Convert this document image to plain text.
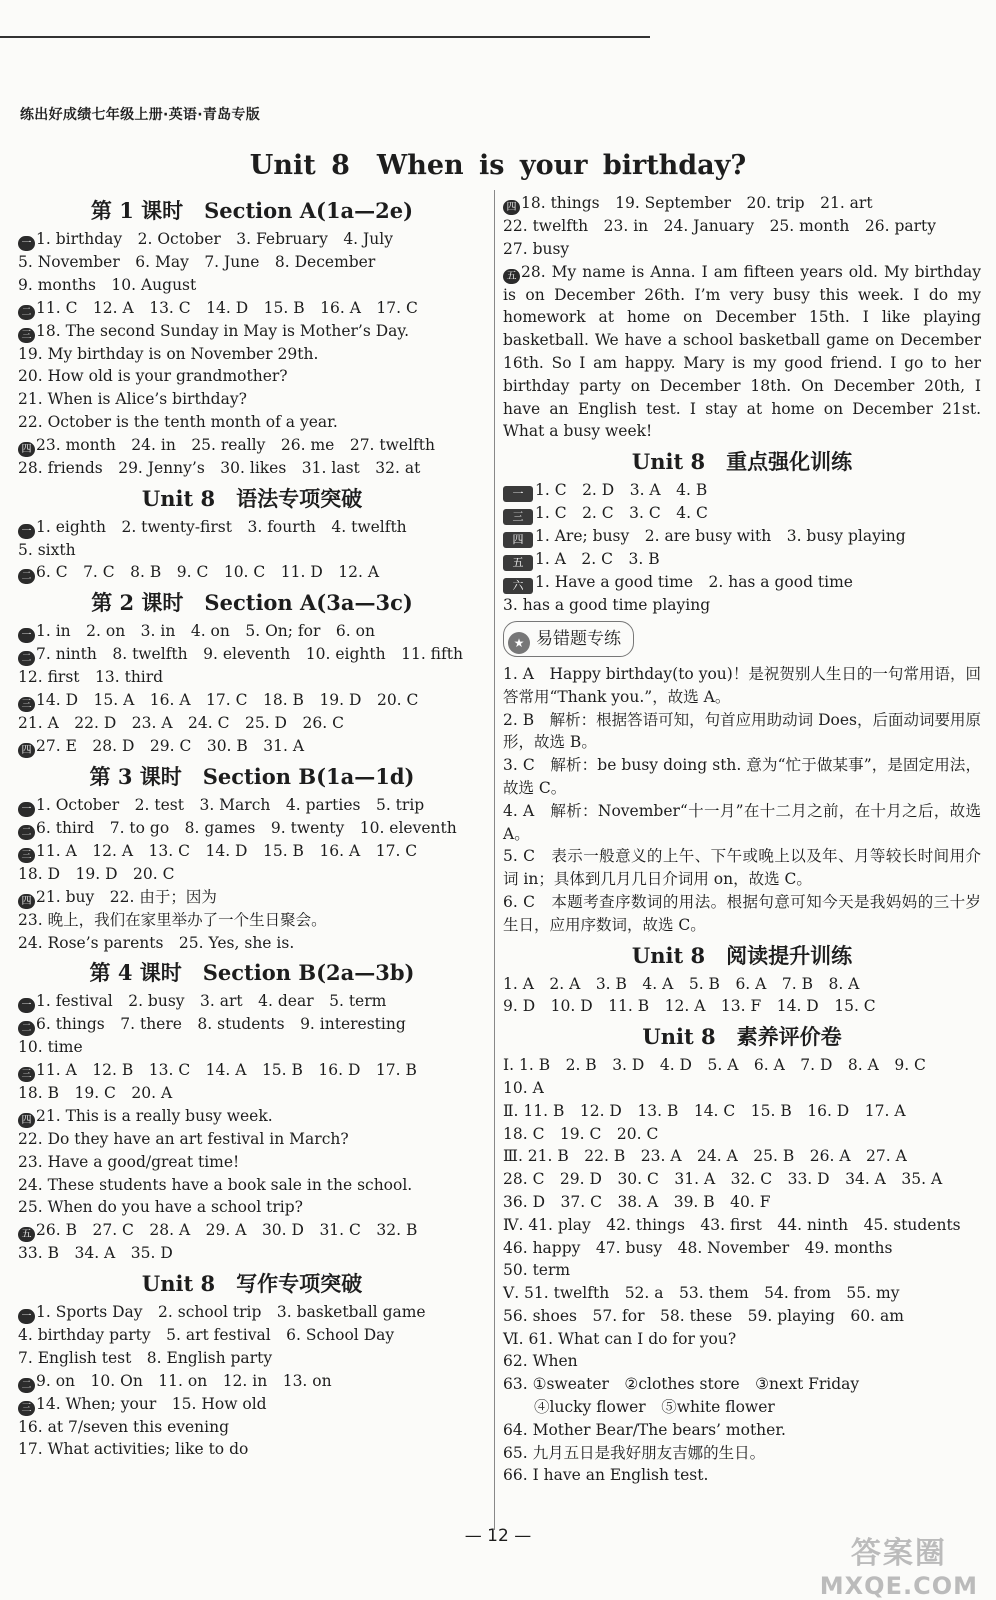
练出好成绩七年级上册·英语·青岛专版
Unit 8　When is your birthday?
第 1 课时　Section A(1a—2e)
一 1. birthday　2. October　3. February　4. July
5. November　6. May　7. June　8. December
9. months　10. August
二 11. C　12. A　13. C　14. D　15. B　16. A　17. C
三 18. The second Sunday in May is Mother’s Day.
19. My birthday is on November 29th.
20. How old is your grandmother?
21. When is Alice’s birthday?
22. October is the tenth month of a year.
四 23. month　24. in　25. really　26. me　27. twelfth
28. friends　29. Jenny’s　30. likes　31. last　32. at
Unit 8　语法专项突破
一 1. eighth　2. twenty-first　3. fourth　4. twelfth
5. sixth
二 6. C　7. C　8. B　9. C　10. C　11. D　12. A
第 2 课时　Section A(3a—3c)
一 1. in　2. on　3. in　4. on　5. On; for　6. on
二 7. ninth　8. twelfth　9. eleventh　10. eighth　11. fifth
12. first　13. third
三 14. D　15. A　16. A　17. C　18. B　19. D　20. C
21. A　22. D　23. A　24. C　25. D　26. C
四 27. E　28. D　29. C　30. B　31. A
第 3 课时　Section B(1a—1d)
一 1. October　2. test　3. March　4. parties　5. trip
二 6. third　7. to go　8. games　9. twenty　10. eleventh
三 11. A　12. A　13. C　14. D　15. B　16. A　17. C
18. D　19. D　20. C
四 21. buy　22. 由于；因为
23. 晚上，我们在家里举办了一个生日聚会。
24. Rose’s parents　25. Yes, she is.
第 4 课时　Section B(2a—3b)
一 1. festival　2. busy　3. art　4. dear　5. term
二 6. things　7. there　8. students　9. interesting
10. time
三 11. A　12. B　13. C　14. A　15. B　16. D　17. B
18. B　19. C　20. A
四 21. This is a really busy week.
22. Do they have an art festival in March?
23. Have a good/great time!
24. These students have a book sale in the school.
25. When do you have a school trip?
五 26. B　27. C　28. A　29. A　30. D　31. C　32. B
33. B　34. A　35. D
Unit 8　写作专项突破
一 1. Sports Day　2. school trip　3. basketball game
4. birthday party　5. art festival　6. School Day
7. English test　8. English party
二 9. on　10. On　11. on　12. in　13. on
三 14. When; your　15. How old
16. at 7/seven this evening
17. What activities; like to do
四 18. things　19. September　20. trip　21. art
22. twelfth　23. in　24. January　25. month　26. party
27. busy
五 28. My name is Anna. I am fifteen years old. My birthday is on December 26th. I’m very busy this week. I do my homework at home on December 15th. I like playing basketball. We have a school basketball game on December 16th. So I am happy. Mary is my good friend. I go to her birthday party on December 18th. On December 20th, I have an English test. I stay at home on December 21st. What a busy week!
Unit 8　重点强化训练
一 1. C　2. D　3. A　4. B
三 1. C　2. C　3. C　4. C
四 1. Are; busy　2. are busy with　3. busy playing
五 1. A　2. C　3. B
六 1. Have a good time　2. has a good time
3. has a good time playing
★ 易错题专练
1. A　Happy birthday(to you)！是祝贺别人生日的一句常用语，回答常用“Thank you.”，故选 A。
2. B　解析：根据答语可知，句首应用助动词 Does，后面动词要用原形，故选 B。
3. C　解析：be busy doing sth. 意为“忙于做某事”，是固定用法，故选 C。
4. A　解析：November“十一月”在十二月之前，在十月之后，故选 A。
5. C　表示一般意义的上午、下午或晚上以及年、月等较长时间用介词 in；具体到几月几日介词用 on，故选 C。
6. C　本题考查序数词的用法。根据句意可知今天是我妈妈的三十岁生日，应用序数词，故选 C。
Unit 8　阅读提升训练
1. A　2. A　3. B　4. A　5. B　6. A　7. B　8. A
9. D　10. D　11. B　12. A　13. F　14. D　15. C
Unit 8　素养评价卷
Ⅰ. 1. B　2. B　3. D　4. D　5. A　6. A　7. D　8. A　9. C
10. A
Ⅱ. 11. B　12. D　13. B　14. C　15. B　16. D　17. A
18. C　19. C　20. C
Ⅲ. 21. B　22. B　23. A　24. A　25. B　26. A　27. A
28. C　29. D　30. C　31. A　32. C　33. D　34. A　35. A
36. D　37. C　38. A　39. B　40. F
Ⅳ. 41. play　42. things　43. first　44. ninth　45. students
46. happy　47. busy　48. November　49. months
50. term
Ⅴ. 51. twelfth　52. a　53. them　54. from　55. my
56. shoes　57. for　58. these　59. playing　60. am
Ⅵ. 61. What can I do for you?
62. When
63. ①sweater　②clothes store　③next Friday
　　④lucky flower　⑤white flower
64. Mother Bear/The bears’ mother.
65. 九月五日是我好朋友吉娜的生日。
66. I have an English test.
— 12 —	答案圈
MXQE.COM
